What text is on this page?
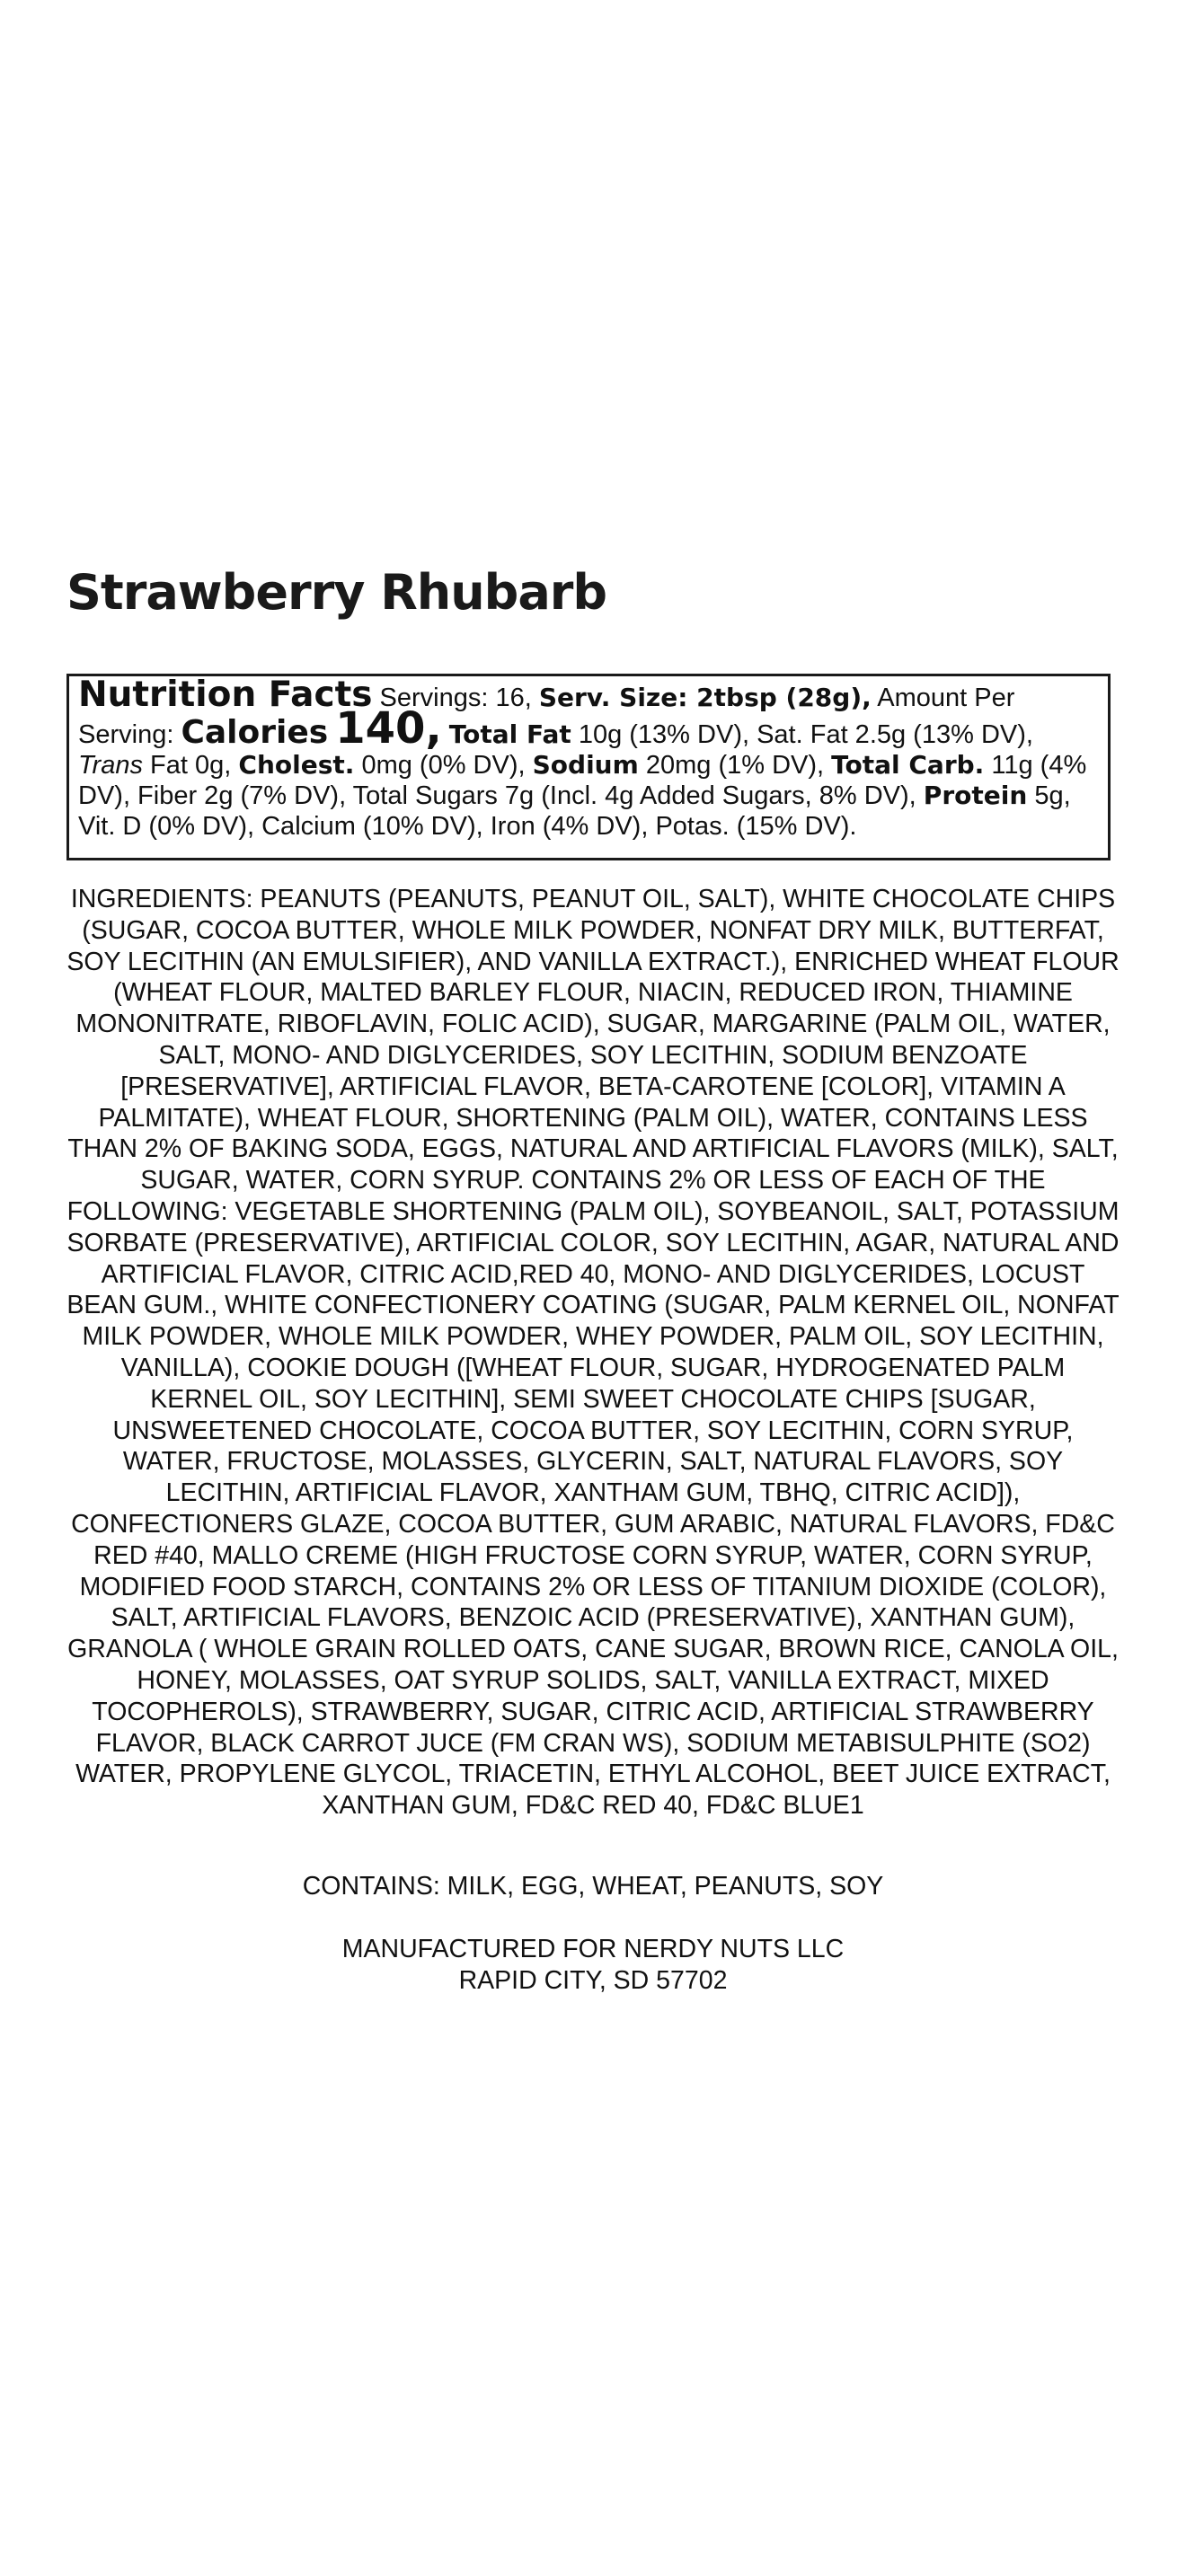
Strawberry Rhubarb
Nutrition Facts Servings: 16, Serv. Size: 2tbsp (28g), Amount Per Serving: Calories 140, Total Fat 10g (13% DV), Sat. Fat 2.5g (13% DV), Trans Fat 0g, Cholest. 0mg (0% DV), Sodium 20mg (1% DV), Total Carb. 11g (4% DV), Fiber 2g (7% DV), Total Sugars 7g (Incl. 4g Added Sugars, 8% DV), Protein 5g, Vit. D (0% DV), Calcium (10% DV), Iron (4% DV), Potas. (15% DV).

INGREDIENTS: PEANUTS (PEANUTS, PEANUT OIL, SALT), WHITE CHOCOLATE CHIPS (SUGAR, COCOA BUTTER, WHOLE MILK POWDER, NONFAT DRY MILK, BUTTERFAT, SOY LECITHIN (AN EMULSIFIER), AND VANILLA EXTRACT.), ENRICHED WHEAT FLOUR (WHEAT FLOUR, MALTED BARLEY FLOUR, NIACIN, REDUCED IRON, THIAMINE MONONITRATE, RIBOFLAVIN, FOLIC ACID), SUGAR, MARGARINE (PALM OIL, WATER, SALT, MONO- AND DIGLYCERIDES, SOY LECITHIN, SODIUM BENZOATE [PRESERVATIVE], ARTIFICIAL FLAVOR, BETA-CAROTENE [COLOR], VITAMIN A PALMITATE), WHEAT FLOUR, SHORTENING (PALM OIL), WATER, CONTAINS LESS THAN 2% OF BAKING SODA, EGGS, NATURAL AND ARTIFICIAL FLAVORS (MILK), SALT, SUGAR, WATER, CORN SYRUP. CONTAINS 2% OR LESS OF EACH OF THE FOLLOWING: VEGETABLE SHORTENING (PALM OIL), SOYBEANOIL, SALT, POTASSIUM SORBATE (PRESERVATIVE), ARTIFICIAL COLOR, SOY LECITHIN, AGAR, NATURAL AND ARTIFICIAL FLAVOR, CITRIC ACID,RED 40, MONO- AND DIGLYCERIDES, LOCUST BEAN GUM., WHITE CONFECTIONERY COATING (SUGAR, PALM KERNEL OIL, NONFAT MILK POWDER, WHOLE MILK POWDER, WHEY POWDER, PALM OIL, SOY LECITHIN, VANILLA), COOKIE DOUGH ([WHEAT FLOUR, SUGAR, HYDROGENATED PALM KERNEL OIL, SOY LECITHIN], SEMI SWEET CHOCOLATE CHIPS [SUGAR, UNSWEETENED CHOCOLATE, COCOA BUTTER, SOY LECITHIN, CORN SYRUP, WATER, FRUCTOSE, MOLASSES, GLYCERIN, SALT, NATURAL FLAVORS, SOY LECITHIN, ARTIFICIAL FLAVOR, XANTHAM GUM, TBHQ, CITRIC ACID]), CONFECTIONERS GLAZE, COCOA BUTTER, GUM ARABIC, NATURAL FLAVORS, FD&C RED #40, MALLO CREME (HIGH FRUCTOSE CORN SYRUP, WATER, CORN SYRUP, MODIFIED FOOD STARCH, CONTAINS 2% OR LESS OF TITANIUM DIOXIDE (COLOR), SALT, ARTIFICIAL FLAVORS, BENZOIC ACID (PRESERVATIVE), XANTHAN GUM), GRANOLA ( WHOLE GRAIN ROLLED OATS, CANE SUGAR, BROWN RICE, CANOLA OIL, HONEY, MOLASSES, OAT SYRUP SOLIDS, SALT, VANILLA EXTRACT, MIXED TOCOPHEROLS), STRAWBERRY, SUGAR, CITRIC ACID, ARTIFICIAL STRAWBERRY FLAVOR, BLACK CARROT JUCE (FM CRAN WS), SODIUM METABISULPHITE (SO2) WATER, PROPYLENE GLYCOL, TRIACETIN, ETHYL ALCOHOL, BEET JUICE EXTRACT, XANTHAN GUM, FD&C RED 40, FD&C BLUE1

CONTAINS: MILK, EGG, WHEAT, PEANUTS, SOY

MANUFACTURED FOR NERDY NUTS LLC
RAPID CITY, SD 57702
